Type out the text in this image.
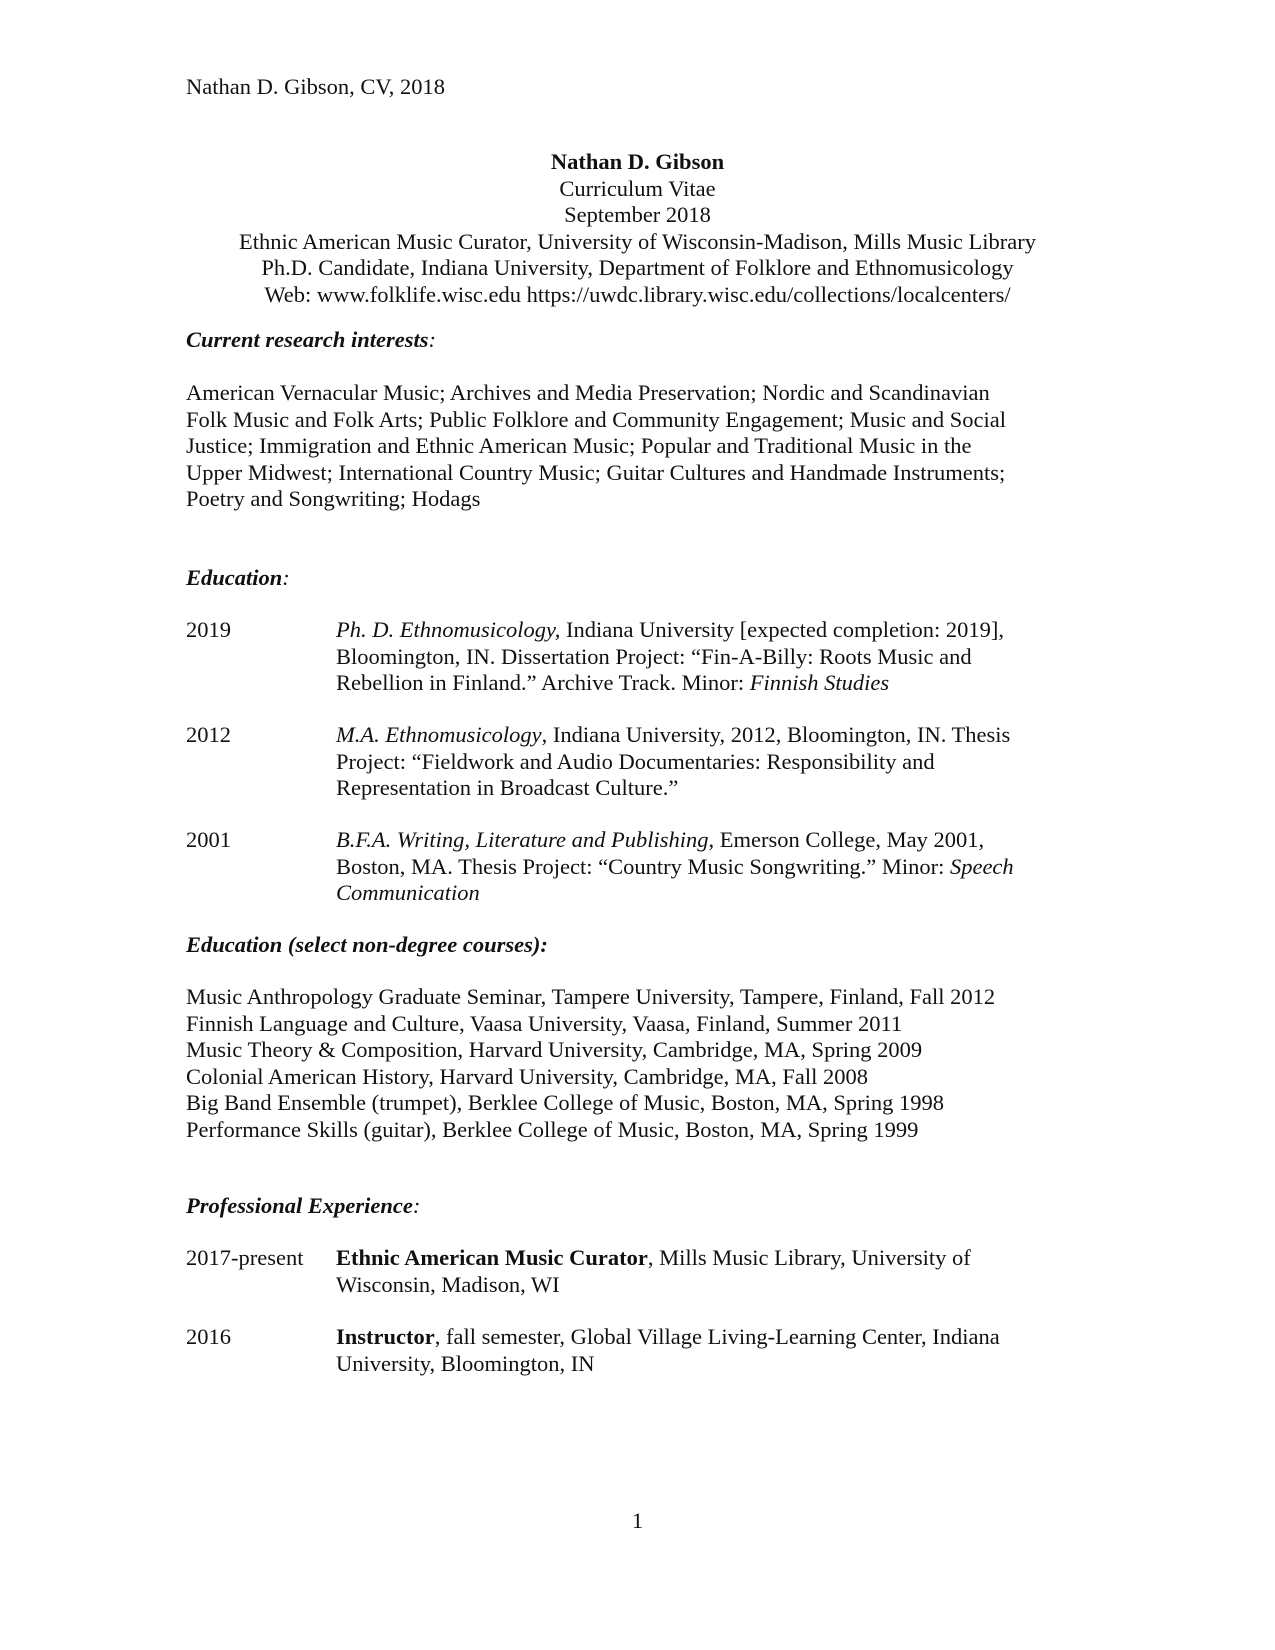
Nathan D. Gibson, CV, 2018
Nathan D. Gibson
Curriculum Vitae
September 2018
Ethnic American Music Curator, University of Wisconsin-Madison, Mills Music Library
Ph.D. Candidate, Indiana University, Department of Folklore and Ethnomusicology
Web: www.folklife.wisc.edu https://uwdc.library.wisc.edu/collections/localcenters/
Current research interests:
American Vernacular Music; Archives and Media Preservation; Nordic and Scandinavian
Folk Music and Folk Arts; Public Folklore and Community Engagement; Music and Social
Justice; Immigration and Ethnic American Music; Popular and Traditional Music in the
Upper Midwest; International Country Music; Guitar Cultures and Handmade Instruments;
Poetry and Songwriting; Hodags
Education:
2019	Ph. D. Ethnomusicology, Indiana University [expected completion: 2019],
Bloomington, IN. Dissertation Project: “Fin-A-Billy: Roots Music and
Rebellion in Finland.” Archive Track. Minor: Finnish Studies
2012	M.A. Ethnomusicology, Indiana University, 2012, Bloomington, IN. Thesis
Project: “Fieldwork and Audio Documentaries: Responsibility and
Representation in Broadcast Culture.”
2001	B.F.A. Writing, Literature and Publishing, Emerson College, May 2001,
Boston, MA. Thesis Project: “Country Music Songwriting.” Minor: Speech
Communication
Education (select non-degree courses):
Music Anthropology Graduate Seminar, Tampere University, Tampere, Finland, Fall 2012
Finnish Language and Culture, Vaasa University, Vaasa, Finland, Summer 2011
Music Theory & Composition, Harvard University, Cambridge, MA, Spring 2009
Colonial American History, Harvard University, Cambridge, MA, Fall 2008
Big Band Ensemble (trumpet), Berklee College of Music, Boston, MA, Spring 1998
Performance Skills (guitar), Berklee College of Music, Boston, MA, Spring 1999
Professional Experience:
2017-present Ethnic American Music Curator, Mills Music Library, University of
Wisconsin, Madison, WI
2016	Instructor, fall semester, Global Village Living-Learning Center, Indiana
University, Bloomington, IN
1
